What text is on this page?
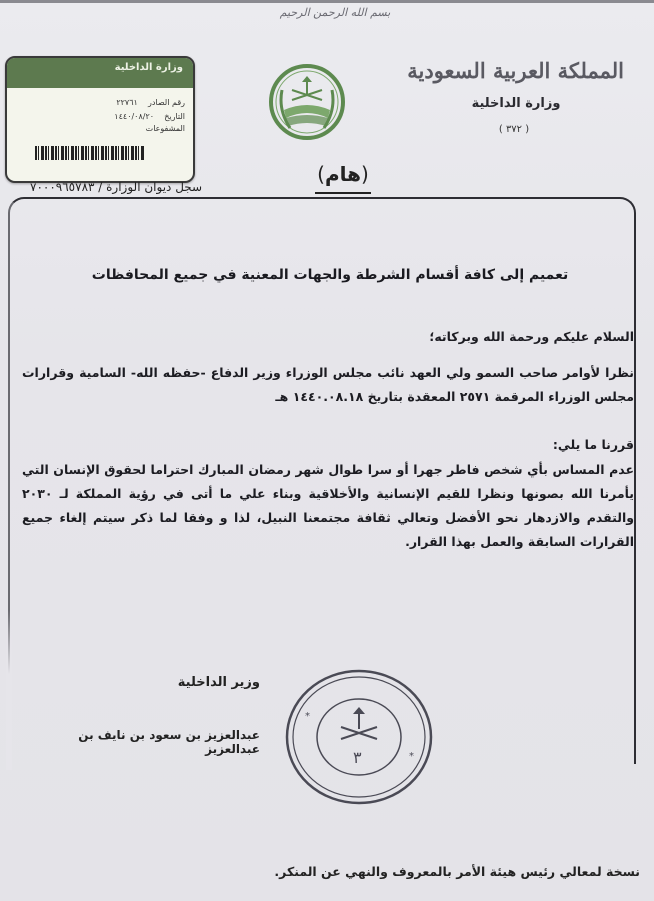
بسم الله الرحمن الرحيم
المملكة العربية السعودية
وزارة الداخلية
( ٣٧٢ )
وزارة الداخلية
رقم الصادر    ٢٢٧٦١
التاريخ    ١٤٤٠/٠٨/٢٠
المشفوعات
سجل ديوان الوزارة / ٧٠٠٠٩٦٥٧٨٣
(هام)
تعميم إلى كافة أقسام الشرطة والجهات المعنية في جميع المحافظات
السلام عليكم ورحمة الله وبركاته؛
نظرا لأوامر صاحب السمو ولي العهد نائب مجلس الوزراء وزير الدفاع -حفظه الله- السامية وقرارات مجلس الوزراء المرقمة ٢٥٧١ المعقدة بتاريخ ١٤٤٠.٠٨.١٨ هـ
قررنا ما يلي:
عدم المساس بأي شخص فاطر جهرا أو سرا طوال شهر رمضان المبارك احتراما لحقوق الإنسان التي يأمرنا الله بصونها ونظرا للقيم الإنسانية والأخلاقية وبناء علي ما أتى في رؤية المملكة لـ ٢٠٣٠ والتقدم والازدهار نحو الأفضل وتعالي ثقافة مجتمعنا النبيل، لذا و وفقا لما ذكر سيتم إلغاء جميع القرارات السابقة والعمل بهذا القرار.
وزير الداخلية
عبدالعزيز بن سعود بن نايف بن عبدالعزيز	٣
*
*
نسخة لمعالي رئيس هيئة الأمر بالمعروف والنهي عن المنكر.
